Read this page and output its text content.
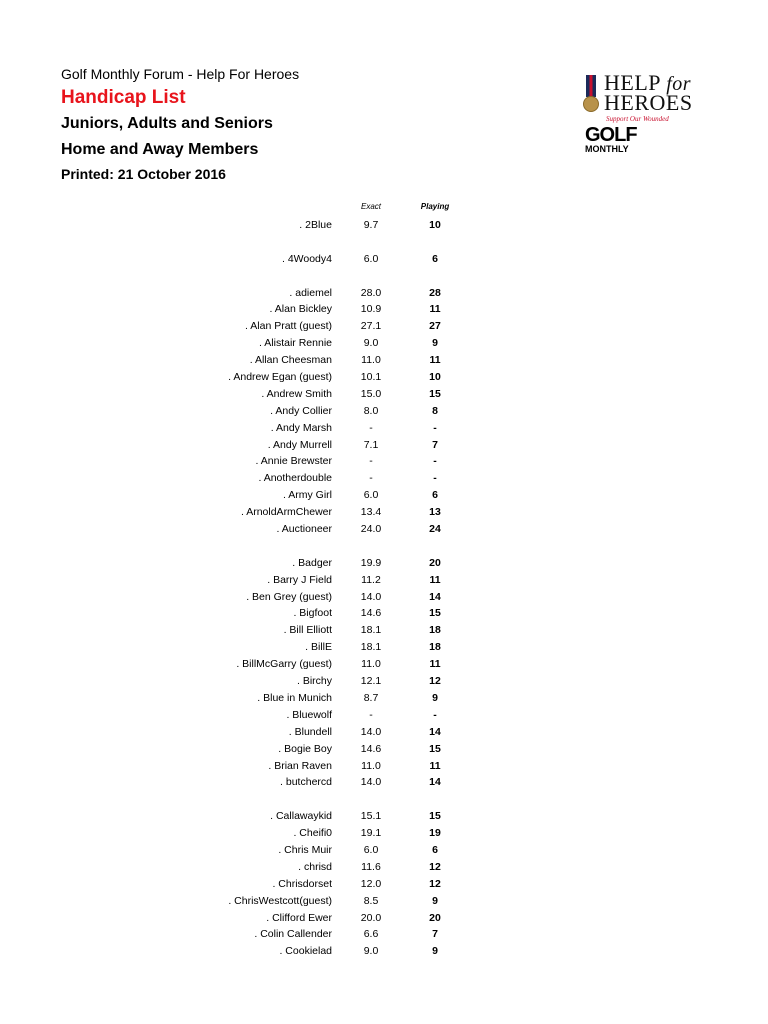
Golf Monthly Forum - Help For Heroes

Handicap List

Juniors, Adults and Seniors

Home and Away Members

Printed: 21 October 2016

HELP for
HEROES
Support Our Wounded
GOLF
MONTHLY
Exact	Playing
. 2Blue	9.7	10
. 4Woody4	6.0	6
. adiemel	28.0	28
. Alan Bickley	10.9	11
. Alan Pratt (guest)	27.1	27
. Alistair Rennie	9.0	9
. Allan Cheesman	11.0	11
. Andrew Egan (guest)	10.1	10
. Andrew Smith	15.0	15
. Andy Collier	8.0	8
. Andy Marsh	-	-
. Andy Murrell	7.1	7
. Annie Brewster	-	-
. Anotherdouble	-	-
. Army Girl	6.0	6
. ArnoldArmChewer	13.4	13
. Auctioneer	24.0	24
. Badger	19.9	20
. Barry J Field	11.2	11
. Ben Grey (guest)	14.0	14
. Bigfoot	14.6	15
. Bill Elliott	18.1	18
. BillE	18.1	18
. BillMcGarry (guest)	11.0	11
. Birchy	12.1	12
. Blue in Munich	8.7	9
. Bluewolf	-	-
. Blundell	14.0	14
. Bogie Boy	14.6	15
. Brian Raven	11.0	11
. butchercd	14.0	14
. Callawaykid	15.1	15
. Cheifi0	19.1	19
. Chris Muir	6.0	6
. chrisd	11.6	12
. Chrisdorset	12.0	12
. ChrisWestcott(guest)	8.5	9
. Clifford Ewer	20.0	20
. Colin Callender	6.6	7
. Cookielad	9.0	9
